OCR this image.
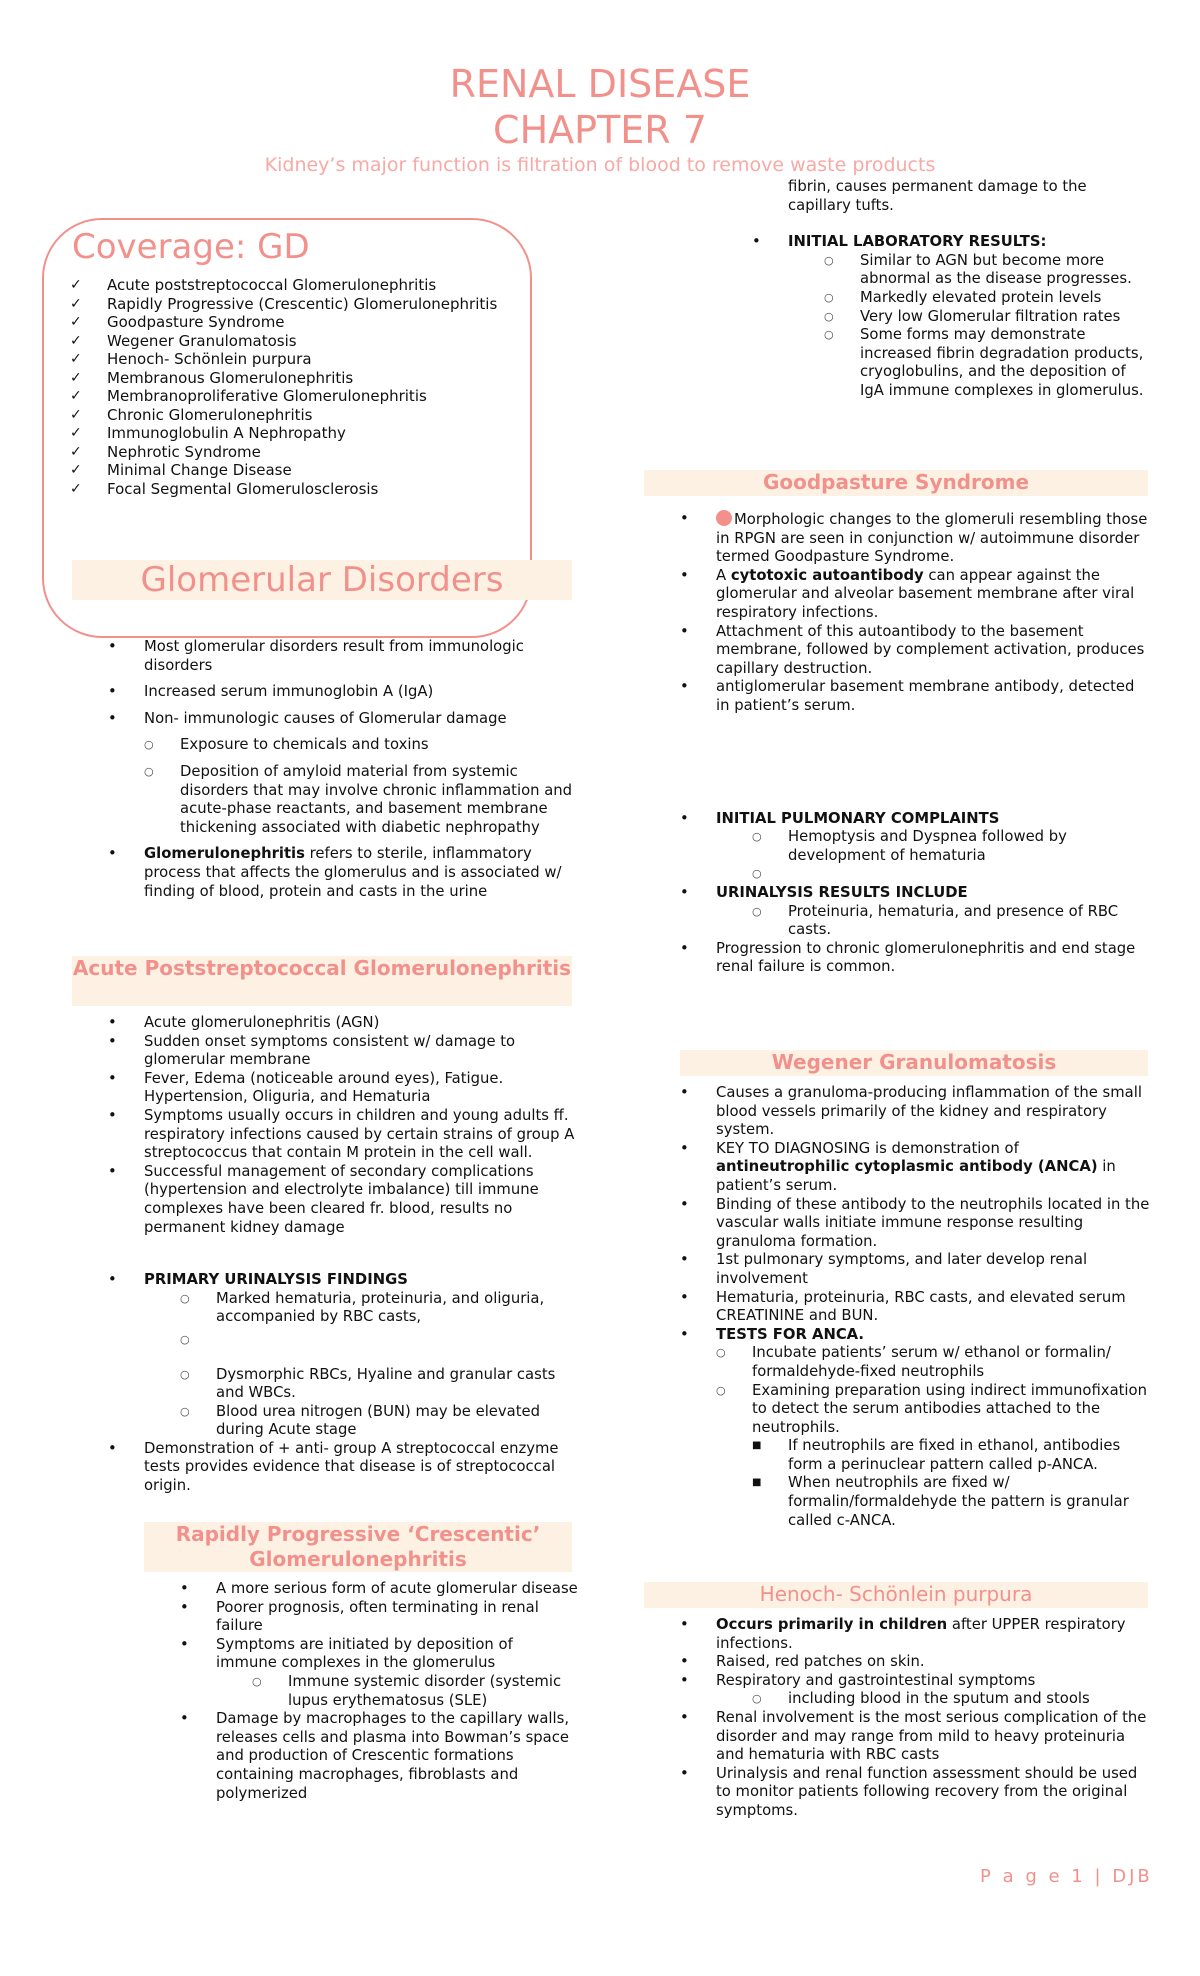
RENAL DISEASE
CHAPTER 7
Kidney’s major function is filtration of blood to remove waste products
Coverage: GD
✓ Acute poststreptococcal Glomerulonephritis
✓ Rapidly Progressive (Crescentic) Glomerulonephritis
✓ Goodpasture Syndrome
✓ Wegener Granulomatosis
✓ Henoch- Schönlein purpura
✓ Membranous Glomerulonephritis
✓ Membranoproliferative Glomerulonephritis
✓ Chronic Glomerulonephritis
✓ Immunoglobulin A Nephropathy
✓ Nephrotic Syndrome
✓ Minimal Change Disease
✓ Focal Segmental Glomerulosclerosis
Glomerular Disorders
• Most glomerular disorders result from immunologic disorders
• Increased serum immunoglobin A (IgA)
• Non- immunologic causes of Glomerular damage
○ Exposure to chemicals and toxins
○ Deposition of amyloid material from systemic disorders that may involve chronic inflammation and acute-phase reactants, and basement membrane thickening associated with diabetic nephropathy
• Glomerulonephritis refers to sterile, inflammatory process that affects the glomerulus and is associated w/ finding of blood, protein and casts in the urine
Acute Poststreptococcal Glomerulonephritis
• Acute glomerulonephritis (AGN)
• Sudden onset symptoms consistent w/ damage to glomerular membrane
• Fever, Edema (noticeable around eyes), Fatigue. Hypertension, Oliguria, and Hematuria
• Symptoms usually occurs in children and young adults ff. respiratory infections caused by certain strains of group A streptococcus that contain M protein in the cell wall.
• Successful management of secondary complications (hypertension and electrolyte imbalance) till immune complexes have been cleared fr. blood, results no permanent kidney damage
• PRIMARY URINALYSIS FINDINGS
○ Marked hematuria, proteinuria, and oliguria, accompanied by RBC casts,
○

○ Dysmorphic RBCs, Hyaline and granular casts and WBCs.
○ Blood urea nitrogen (BUN) may be elevated during Acute stage
• Demonstration of + anti- group A streptococcal enzyme tests provides evidence that disease is of streptococcal origin.
Rapidly Progressive ‘Crescentic’ Glomerulonephritis
• A more serious form of acute glomerular disease
• Poorer prognosis, often terminating in renal failure
• Symptoms are initiated by deposition of immune complexes in the glomerulus
○ Immune systemic disorder (systemic lupus erythematosus (SLE)
• Damage by macrophages to the capillary walls, releases cells and plasma into Bowman’s space and production of Crescentic formations containing macrophages, fibroblasts and polymerized
fibrin, causes permanent damage to the capillary tufts.
• INITIAL LABORATORY RESULTS:
○ Similar to AGN but become more abnormal as the disease progresses.
○ Markedly elevated protein levels
○ Very low Glomerular filtration rates
○ Some forms may demonstrate increased fibrin degradation products, cryoglobulins, and the deposition of IgA immune complexes in glomerulus.
Goodpasture Syndrome
•	Morphologic changes to the glomeruli resembling those in RPGN are seen in conjunction w/ autoimmune disorder termed Goodpasture Syndrome.
• A cytotoxic autoantibody can appear against the glomerular and alveolar basement membrane after viral respiratory infections.
• Attachment of this autoantibody to the basement membrane, followed by complement activation, produces capillary destruction.
• antiglomerular basement membrane antibody, detected in patient’s serum.
• INITIAL PULMONARY COMPLAINTS
○ Hemoptysis and Dyspnea followed by development of hematuria
○

• URINALYSIS RESULTS INCLUDE
○ Proteinuria, hematuria, and presence of RBC casts.
• Progression to chronic glomerulonephritis and end stage renal failure is common.
Wegener Granulomatosis
• Causes a granuloma-producing inflammation of the small blood vessels primarily of the kidney and respiratory system.
• KEY TO DIAGNOSING is demonstration of antineutrophilic cytoplasmic antibody (ANCA) in patient’s serum.
• Binding of these antibody to the neutrophils located in the vascular walls initiate immune response resulting granuloma formation.
• 1st pulmonary symptoms, and later develop renal involvement
• Hematuria, proteinuria, RBC casts, and elevated serum CREATININE and BUN.
• TESTS FOR ANCA.
○ Incubate patients’ serum w/ ethanol or formalin/ formaldehyde-fixed neutrophils
○ Examining preparation using indirect immunofixation to detect the serum antibodies attached to the neutrophils.
■ If neutrophils are fixed in ethanol, antibodies form a perinuclear pattern called p-ANCA.
■ When neutrophils are fixed w/ formalin/formaldehyde the pattern is granular called c-ANCA.
Henoch- Schönlein purpura
• Occurs primarily in children after UPPER respiratory infections.
• Raised, red patches on skin.
• Respiratory and gastrointestinal symptoms
○ including blood in the sputum and stools
• Renal involvement is the most serious complication of the disorder and may range from mild to heavy proteinuria and hematuria with RBC casts
• Urinalysis and renal function assessment should be used to monitor patients following recovery from the original symptoms.
P a g e 1 | DJB
